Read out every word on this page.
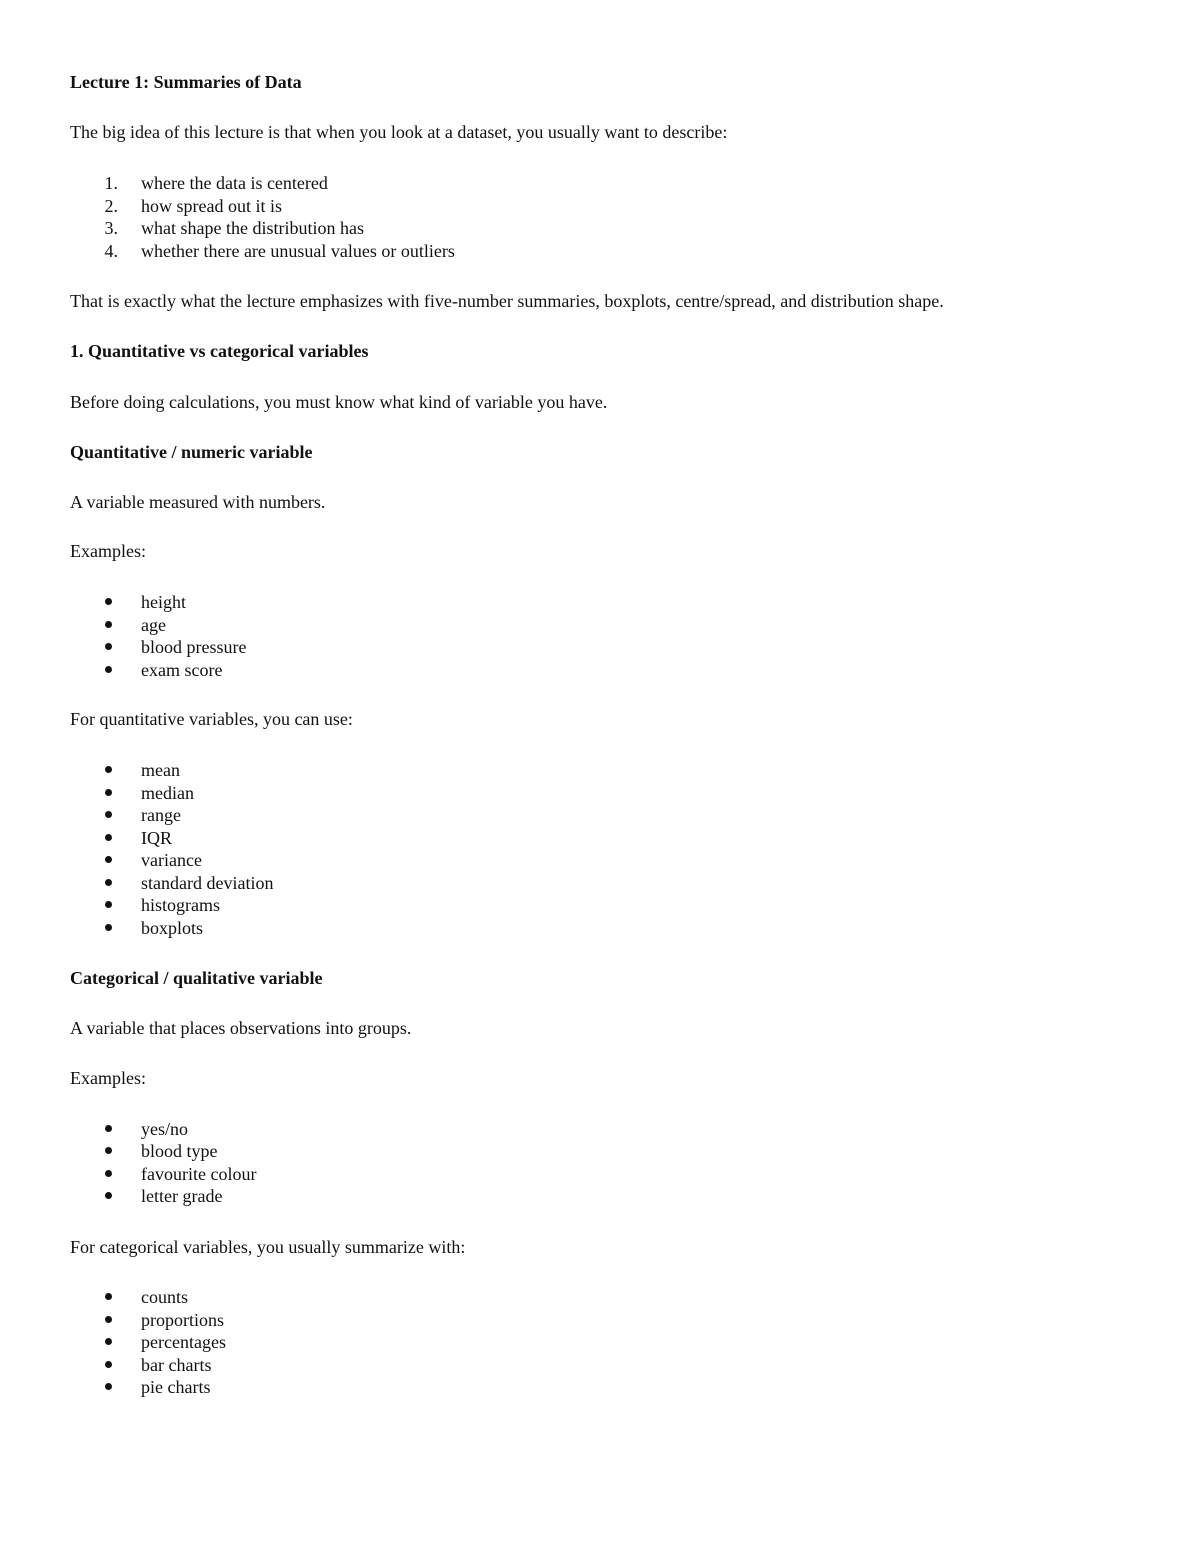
Lecture 1: Summaries of Data
The big idea of this lecture is that when you look at a dataset, you usually want to describe:
1. where the data is centered
2. how spread out it is
3. what shape the distribution has
4. whether there are unusual values or outliers
That is exactly what the lecture emphasizes with five-number summaries, boxplots, centre/spread, and distribution shape.
1. Quantitative vs categorical variables
Before doing calculations, you must know what kind of variable you have.
Quantitative / numeric variable
A variable measured with numbers.
Examples:
height
age
blood pressure
exam score
For quantitative variables, you can use:
mean
median
range
IQR
variance
standard deviation
histograms
boxplots
Categorical / qualitative variable
A variable that places observations into groups.
Examples:
yes/no
blood type
favourite colour
letter grade
For categorical variables, you usually summarize with:
counts
proportions
percentages
bar charts
pie charts
